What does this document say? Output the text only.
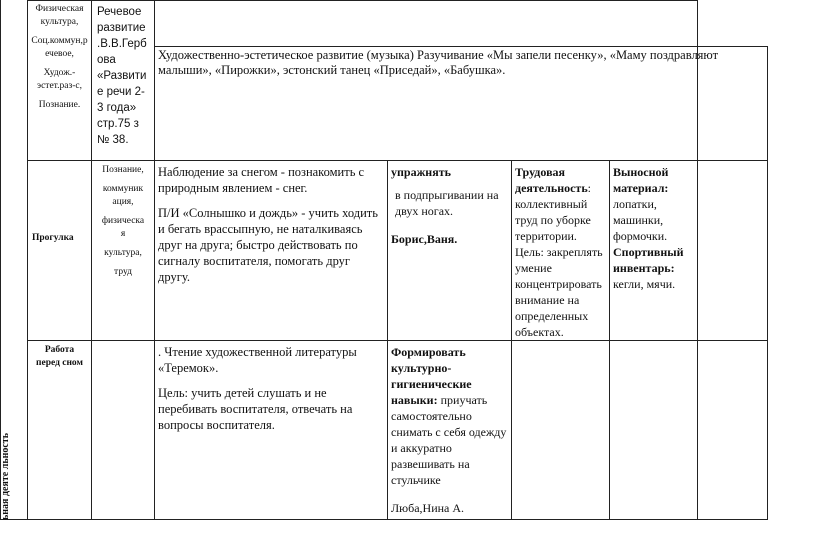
ьная деяте льность
Физическая
культура,
Соц.коммун,р
ечевое,
Худож.-
эстет.раз-с,
Познание.
Речевое
развитие
.В.В.Герб
ова
«Развити
е речи 2-
3 года»
стр.75 з
№ 38.
Художественно-эстетическое развитие (музыка) Разучивание «Мы запели песенку», «Маму поздравляют малыши», «Пирожки», эстонский танец «Приседай», «Бабушка».
Прогулка
Познание,
коммуник
ация,
физическа
я
культура,
труд

Наблюдение за снегом - познакомить с природным явлением - снег.

П/И «Солнышко и дождь» - учить ходить и бегать врассыпную, не наталкиваясь друг на друга; быстро действовать по сигналу воспитателя, помогать друг другу.

упражнять
в подпрыгивании на двух ногах.
Борис,Ваня.
Трудовая деятельность: коллективный труд по уборке территории.
Цель: закреплять умение концентрировать внимание на определенных объектах.
Выносной материал:
лопатки, машинки, формочки.
Спортивный инвентарь:
кегли, мячи.
Работа
перед сном

. Чтение художественной литературы «Теремок».

Цель: учить детей слушать и не перебивать воспитателя, отвечать на вопросы воспитателя.

Формировать культурно-гигиенические навыки: приучать самостоятельно снимать с себя одежду и аккуратно развешивать на стульчике
Люба,Нина А.
